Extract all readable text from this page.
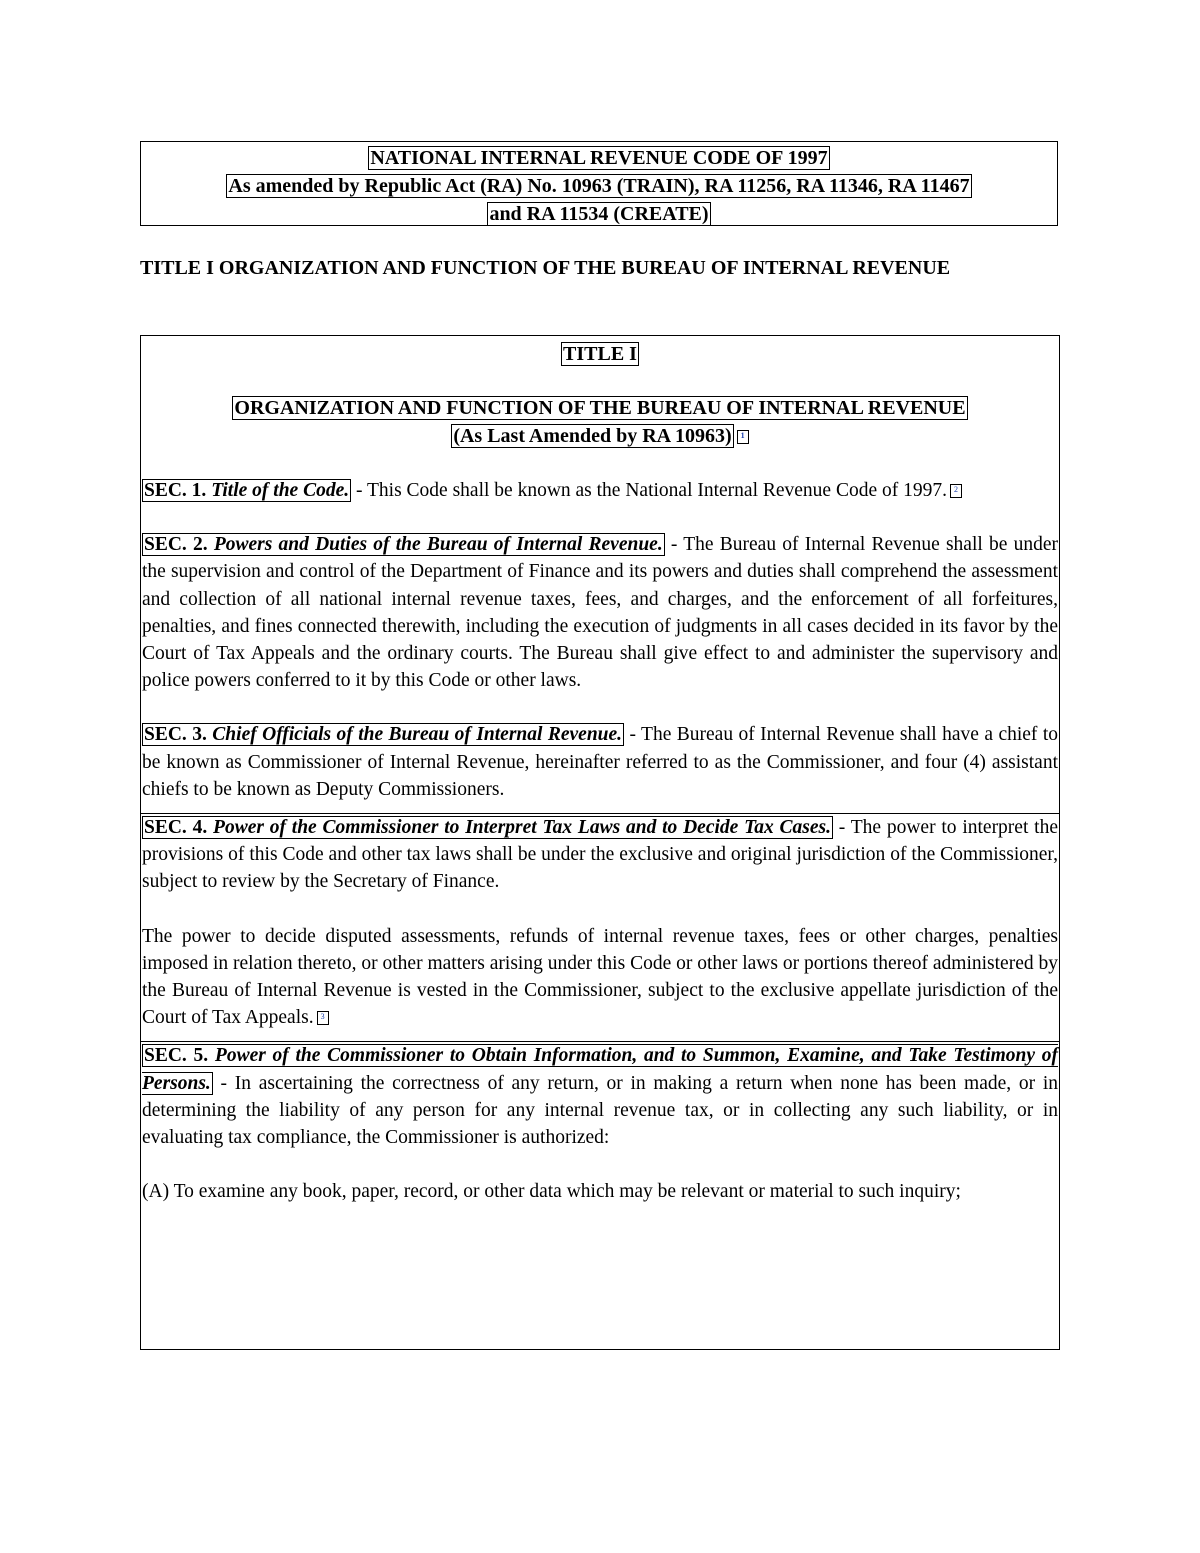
NATIONAL INTERNAL REVENUE CODE OF 1997
As amended by Republic Act (RA) No. 10963 (TRAIN), RA 11256, RA 11346, RA 11467
and RA 11534 (CREATE)
TITLE I ORGANIZATION AND FUNCTION OF THE BUREAU OF INTERNAL REVENUE

TITLE I

ORGANIZATION AND FUNCTION OF THE BUREAU OF INTERNAL REVENUE

(As Last Amended by RA 10963) 1

SEC. 1. Title of the Code. - This Code shall be known as the National Internal Revenue Code of 1997. 2

SEC. 2. Powers and Duties of the Bureau of Internal Revenue. - The Bureau of Internal Revenue shall be under the supervision and control of the Department of Finance and its powers and duties shall comprehend the assessment and collection of all national internal revenue taxes, fees, and charges, and the enforcement of all forfeitures, penalties, and fines connected therewith, including the execution of judgments in all cases decided in its favor by the Court of Tax Appeals and the ordinary courts. The Bureau shall give effect to and administer the supervisory and police powers conferred to it by this Code or other laws.

SEC. 3. Chief Officials of the Bureau of Internal Revenue. - The Bureau of Internal Revenue shall have a chief to be known as Commissioner of Internal Revenue, hereinafter referred to as the Commissioner, and four (4) assistant chiefs to be known as Deputy Commissioners.

SEC. 4. Power of the Commissioner to Interpret Tax Laws and to Decide Tax Cases. - The power to interpret the provisions of this Code and other tax laws shall be under the exclusive and original jurisdiction of the Commissioner, subject to review by the Secretary of Finance.

The power to decide disputed assessments, refunds of internal revenue taxes, fees or other charges, penalties imposed in relation thereto, or other matters arising under this Code or other laws or portions thereof administered by the Bureau of Internal Revenue is vested in the Commissioner, subject to the exclusive appellate jurisdiction of the Court of Tax Appeals. 3

SEC. 5. Power of the Commissioner to Obtain Information, and to Summon, Examine, and Take Testimony of Persons. - In ascertaining the correctness of any return, or in making a return when none has been made, or in determining the liability of any person for any internal revenue tax, or in collecting any such liability, or in evaluating tax compliance, the Commissioner is authorized:

(A) To examine any book, paper, record, or other data which may be relevant or material to such inquiry;
